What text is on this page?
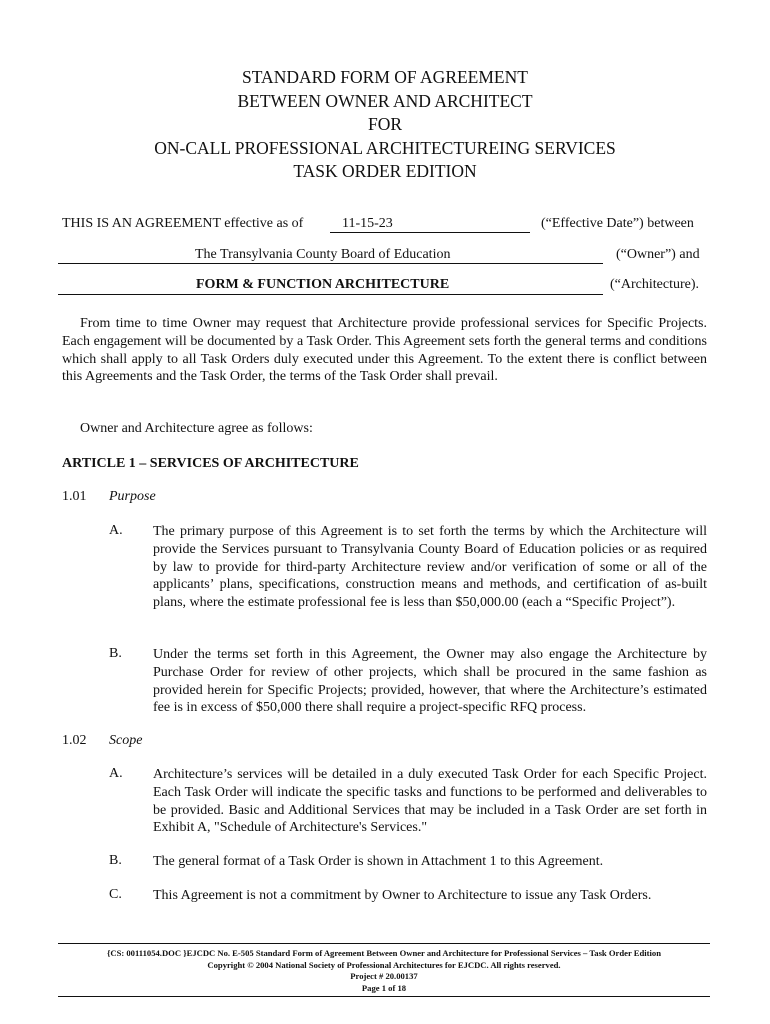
STANDARD FORM OF AGREEMENT
BETWEEN OWNER AND ARCHITECT
FOR
ON-CALL PROFESSIONAL ARCHITECTUREING SERVICES
TASK ORDER EDITION
THIS IS AN AGREEMENT effective as of	11-15-23	(“Effective Date”) between
The Transylvania County Board of Education	(“Owner”) and
FORM & FUNCTION ARCHITECTURE	(“Architecture).
From time to time Owner may request that Architecture provide professional services for Specific Projects. Each engagement will be documented by a Task Order. This Agreement sets forth the general terms and conditions which shall apply to all Task Orders duly executed under this Agreement. To the extent there is conflict between this Agreements and the Task Order, the terms of the Task Order shall prevail.
Owner and Architecture agree as follows:
ARTICLE 1 – SERVICES OF ARCHITECTURE
1.01 Purpose
A. The primary purpose of this Agreement is to set forth the terms by which the Architecture will provide the Services pursuant to Transylvania County Board of Education policies or as required by law to provide for third-party Architecture review and/or verification of some or all of the applicants’ plans, specifications, construction means and methods, and certification of as-built plans, where the estimate professional fee is less than $50,000.00 (each a “Specific Project”).
B. Under the terms set forth in this Agreement, the Owner may also engage the Architecture by Purchase Order for review of other projects, which shall be procured in the same fashion as provided herein for Specific Projects; provided, however, that where the Architecture’s estimated fee is in excess of $50,000 there shall require a project-specific RFQ process.
1.02 Scope
A. Architecture’s services will be detailed in a duly executed Task Order for each Specific Project. Each Task Order will indicate the specific tasks and functions to be performed and deliverables to be provided. Basic and Additional Services that may be included in a Task Order are set forth in Exhibit A, "Schedule of Architecture's Services."
B. The general format of a Task Order is shown in Attachment 1 to this Agreement.
C. This Agreement is not a commitment by Owner to Architecture to issue any Task Orders.
{CS: 00111054.DOC }EJCDC No. E-505 Standard Form of Agreement Between Owner and Architecture for Professional Services – Task Order Edition
Copyright © 2004 National Society of Professional Architectures for EJCDC. All rights reserved.
Project # 20.00137
Page 1 of 18
